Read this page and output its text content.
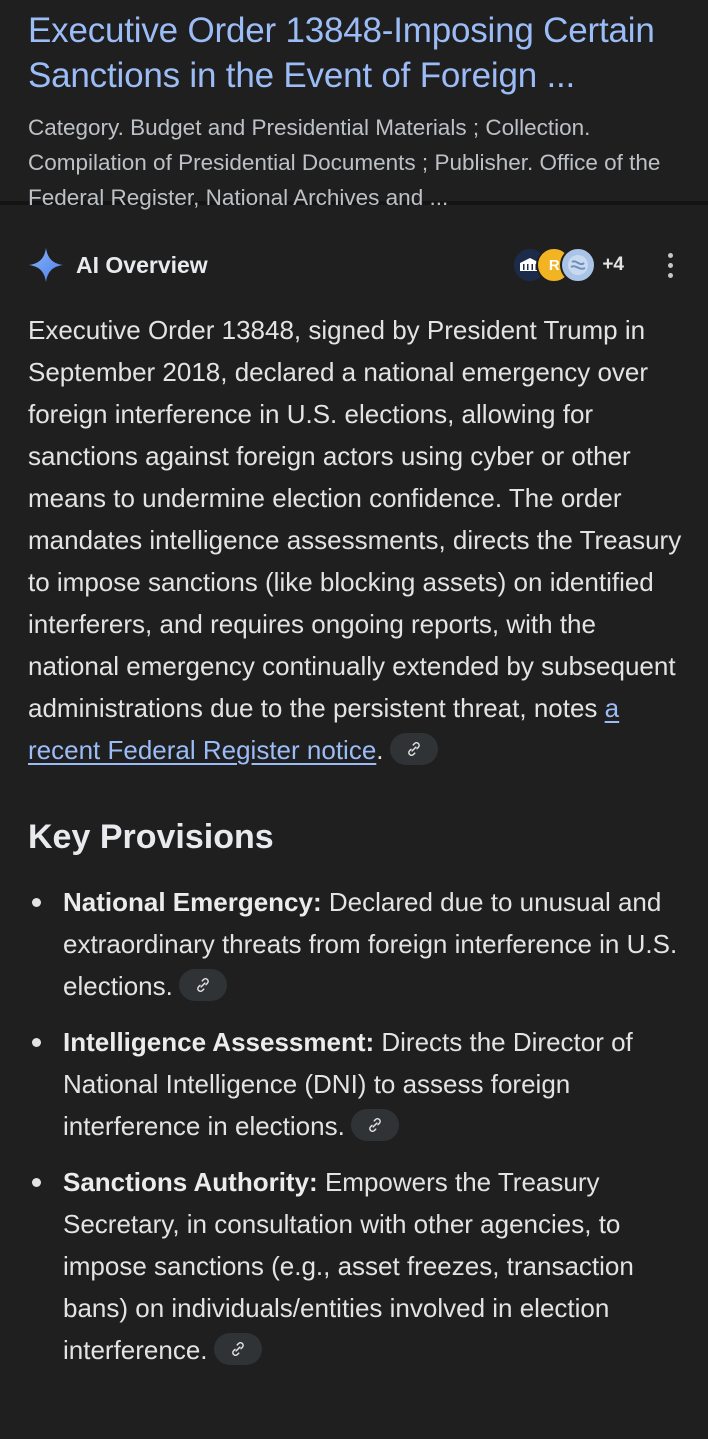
Executive Order 13848-Imposing Certain Sanctions in the Event of Foreign ...
Category. Budget and Presidential Materials ; Collection. Compilation of Presidential Documents ; Publisher. Office of the Federal Register, National Archives and ...
AI Overview	R	+4
Executive Order 13848, signed by President Trump in September 2018, declared a national emergency over foreign interference in U.S. elections, allowing for sanctions against foreign actors using cyber or other means to undermine election confidence. The order mandates intelligence assessments, directs the Treasury to impose sanctions (like blocking assets) on identified interferers, and requires ongoing reports, with the national emergency continually extended by subsequent administrations due to the persistent threat, notes a recent Federal Register notice.
Key Provisions
National Emergency: Declared due to unusual and extraordinary threats from foreign interference in U.S. elections.
Intelligence Assessment: Directs the Director of National Intelligence (DNI) to assess foreign interference in elections.
Sanctions Authority: Empowers the Treasury Secretary, in consultation with other agencies, to impose sanctions (e.g., asset freezes, transaction bans) on individuals/entities involved in election interference.
